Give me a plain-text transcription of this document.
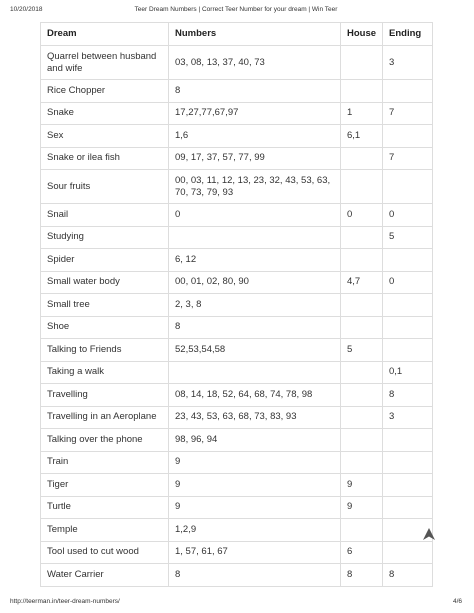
10/20/2018	Teer Dream Numbers | Correct Teer Number for your dream | Win Teer
Dream	Numbers	House	Ending
Quarrel between husband and wife	03, 08, 13, 37, 40, 73		3
Rice Chopper	8		
Snake	17,27,77,67,97	1	7
Sex	1,6	6,1	
Snake or ilea fish	09, 17, 37, 57, 77, 99		7
Sour fruits	00, 03, 11, 12, 13, 23, 32, 43, 53, 63, 70, 73, 79, 93		
Snail	0	0	0
Studying			5
Spider	6, 12		
Small water body	00, 01, 02, 80, 90	4,7	0
Small tree	2, 3, 8		
Shoe	8		
Talking to Friends	52,53,54,58	5	
Taking a walk			0,1
Travelling	08, 14, 18, 52, 64, 68, 74, 78, 98		8
Travelling in an Aeroplane	23, 43, 53, 63, 68, 73, 83, 93		3
Talking over the phone	98, 96, 94		
Train	9		
Tiger	9	9	
Turtle	9	9	
Temple	1,2,9		
Tool used to cut wood	1, 57, 61, 67	6	
Water Carrier	8	8	8
http://teerman.in/teer-dream-numbers/	4/6
